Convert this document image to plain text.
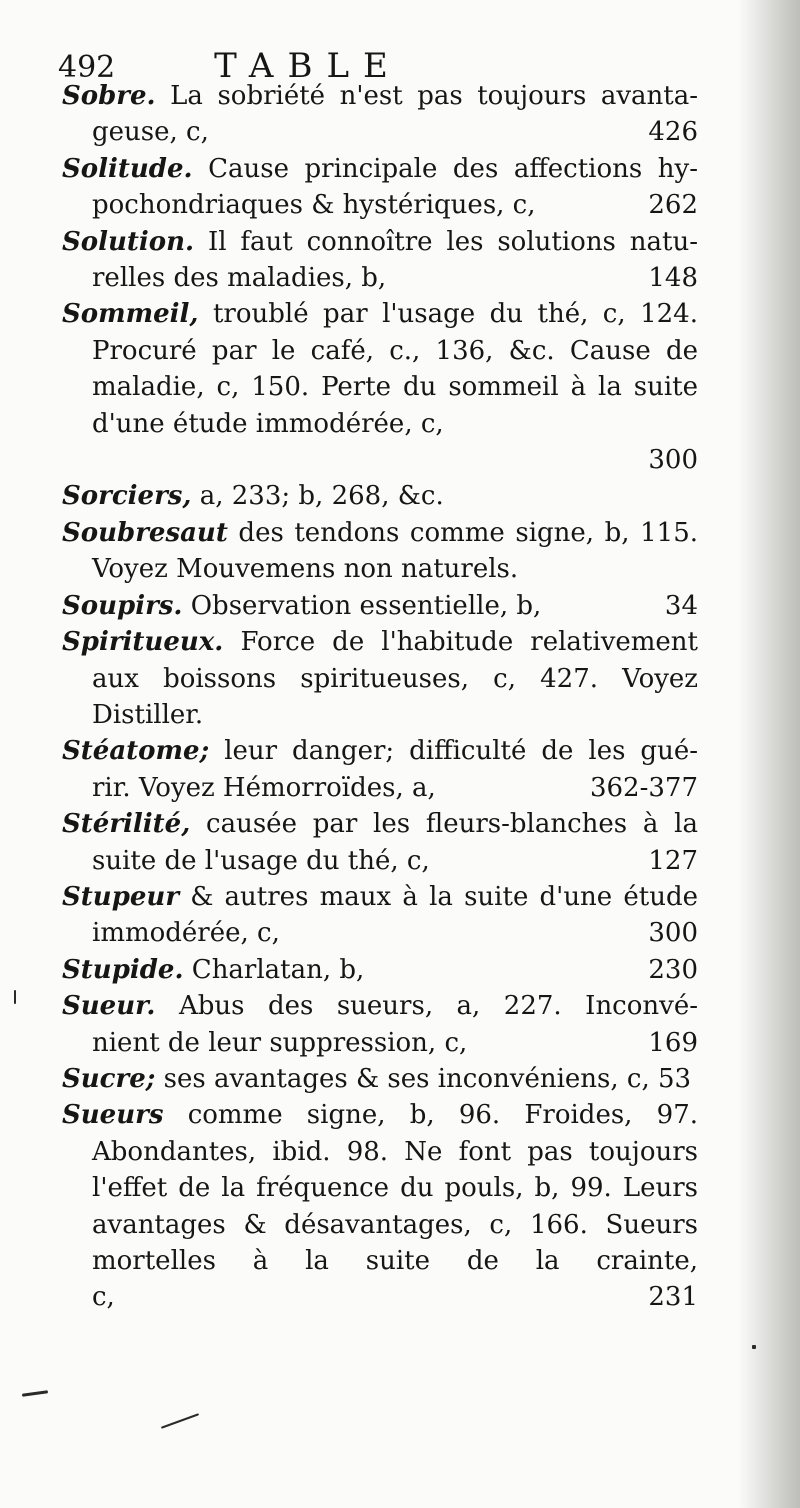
492	TABLE
Sobre. La sobriété n'est pas toujours avanta-
geuse, c,	426
Solitude. Cause principale des affections hy-
pochondriaques & hystériques, c,	262
Solution. Il faut connoître les solutions natu-
relles des maladies, b,	148
Sommeil, troublé par l'usage du thé, c, 124. Procuré par le café, c., 136, &c. Cause de maladie, c, 150. Perte du sommeil à la suite d'une étude immodérée, c,
300
Sorciers, a, 233; b, 268, &c.
Soubresaut des tendons comme signe, b, 115. Voyez Mouvemens non naturels.
Soupirs. Observation essentielle, b,	34
Spiritueux. Force de l'habitude relativement aux boissons spiritueuses, c, 427. Voyez Distiller.
Stéatome; leur danger; difficulté de les gué-
rir. Voyez Hémorroïdes, a,	362-377
Stérilité, causée par les fleurs-blanches à la
suite de l'usage du thé, c,	127
Stupeur & autres maux à la suite d'une étude
immodérée, c,	300
Stupide. Charlatan, b,	230
Sueur. Abus des sueurs, a, 227. Inconvé-
nient de leur suppression, c,	169
Sucre; ses avantages & ses inconvéniens, c, 53
Sueurs comme signe, b, 96. Froides, 97. Abondantes, ibid. 98. Ne font pas toujours l'effet de la fréquence du pouls, b, 99. Leurs avantages & désavantages, c, 166. Sueurs mortelles à la suite de la crainte,
c,	231
